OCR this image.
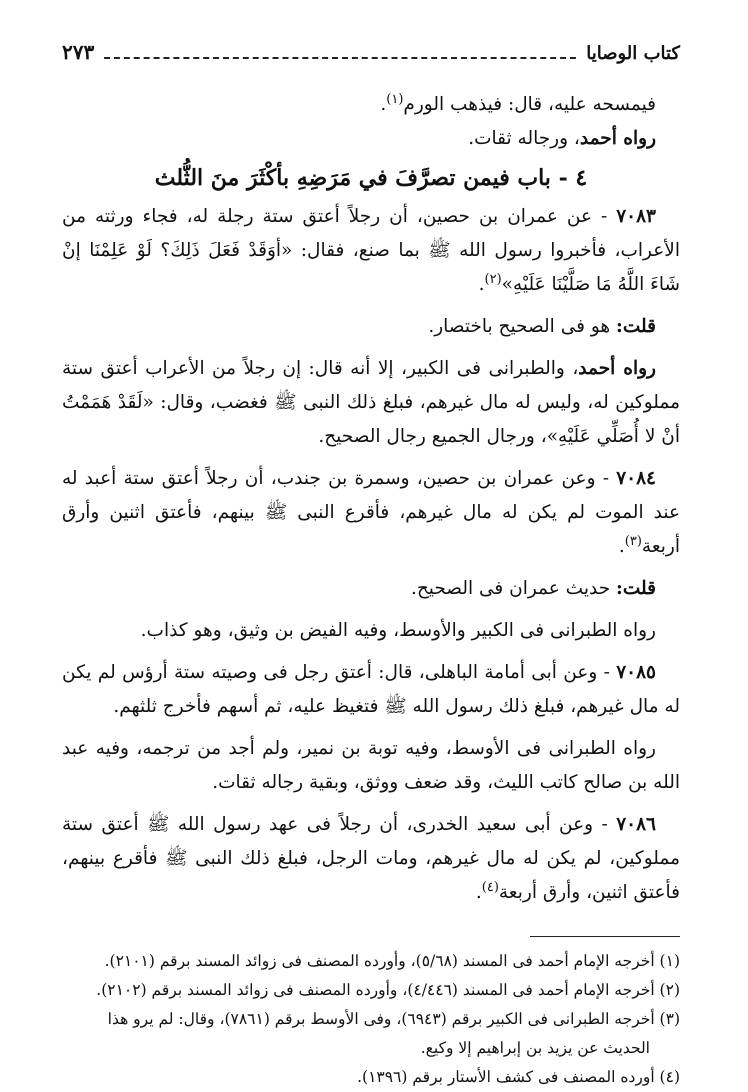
كتاب الوصايا
٢٧٣

فيمسحه عليه، قال: فيذهب الورم$^{(١)}$.

رواه أحمد، ورجاله ثقات.

٤ - باب فيمن تصرَّفَ في مَرَضِهِ بأكْثَرَ منَ الثُّلث

٧٠٨٣ - عن عمران بن حصين، أن رجلاً أعتق ستة رجلة له، فجاء ورثته من الأعراب، فأخبروا رسول الله ﷺ بما صنع، فقال: «أوَقَدْ فَعَلَ ذَلِكَ؟ لَوْ عَلِمْنَا إنْ شَاءَ اللَّهُ مَا صَلَّيْنَا عَلَيْهِ»$^{(٢)}$.

قلت: هو فى الصحيح باختصار.

رواه أحمد، والطبرانى فى الكبير، إلا أنه قال: إن رجلاً من الأعراب أعتق ستة مملوكين له، وليس له مال غيرهم، فبلغ ذلك النبى ﷺ فغضب، وقال: «لَقَدْ هَمَمْتُ أنْ لا أُصَلِّي عَلَيْهِ»، ورجال الجميع رجال الصحيح.

٧٠٨٤ - وعن عمران بن حصين، وسمرة بن جندب، أن رجلاً أعتق ستة أعبد له عند الموت لم يكن له مال غيرهم، فأقرع النبى ﷺ بينهم، فأعتق اثنين وأرق أربعة$^{(٣)}$.

قلت: حديث عمران فى الصحيح.

رواه الطبرانى فى الكبير والأوسط، وفيه الفيض بن وثيق، وهو كذاب.

٧٠٨٥ - وعن أبى أمامة الباهلى، قال: أعتق رجل فى وصيته ستة أرؤس لم يكن له مال غيرهم، فبلغ ذلك رسول الله ﷺ فتغيظ عليه، ثم أسهم فأخرج ثلثهم.

رواه الطبرانى فى الأوسط، وفيه توبة بن نمير، ولم أجد من ترجمه، وفيه عبد الله بن صالح كاتب الليث، وقد ضعف ووثق، وبقية رجاله ثقات.

٧٠٨٦ - وعن أبى سعيد الخدرى، أن رجلاً فى عهد رسول الله ﷺ أعتق ستة مملوكين، لم يكن له مال غيرهم، ومات الرجل، فبلغ ذلك النبى ﷺ فأقرع بينهم، فأعتق اثنين، وأرق أربعة$^{(٤)}$.

(١) أخرجه الإمام أحمد فى المسند (٥/٦٨)، وأورده المصنف فى زوائد المسند برقم (٢١٠١).

(٢) أخرجه الإمام أحمد فى المسند (٤/٤٤٦)، وأورده المصنف فى زوائد المسند برقم (٢١٠٢).

(٣) أخرجه الطبرانى فى الكبير برقم (٦٩٤٣)، وفى الأوسط برقم (٧٨٦١)، وقال: لم يرو هذا

الحديث عن يزيد بن إبراهيم إلا وكيع.

(٤) أورده المصنف فى كشف الأستار برقم (١٣٩٦).
